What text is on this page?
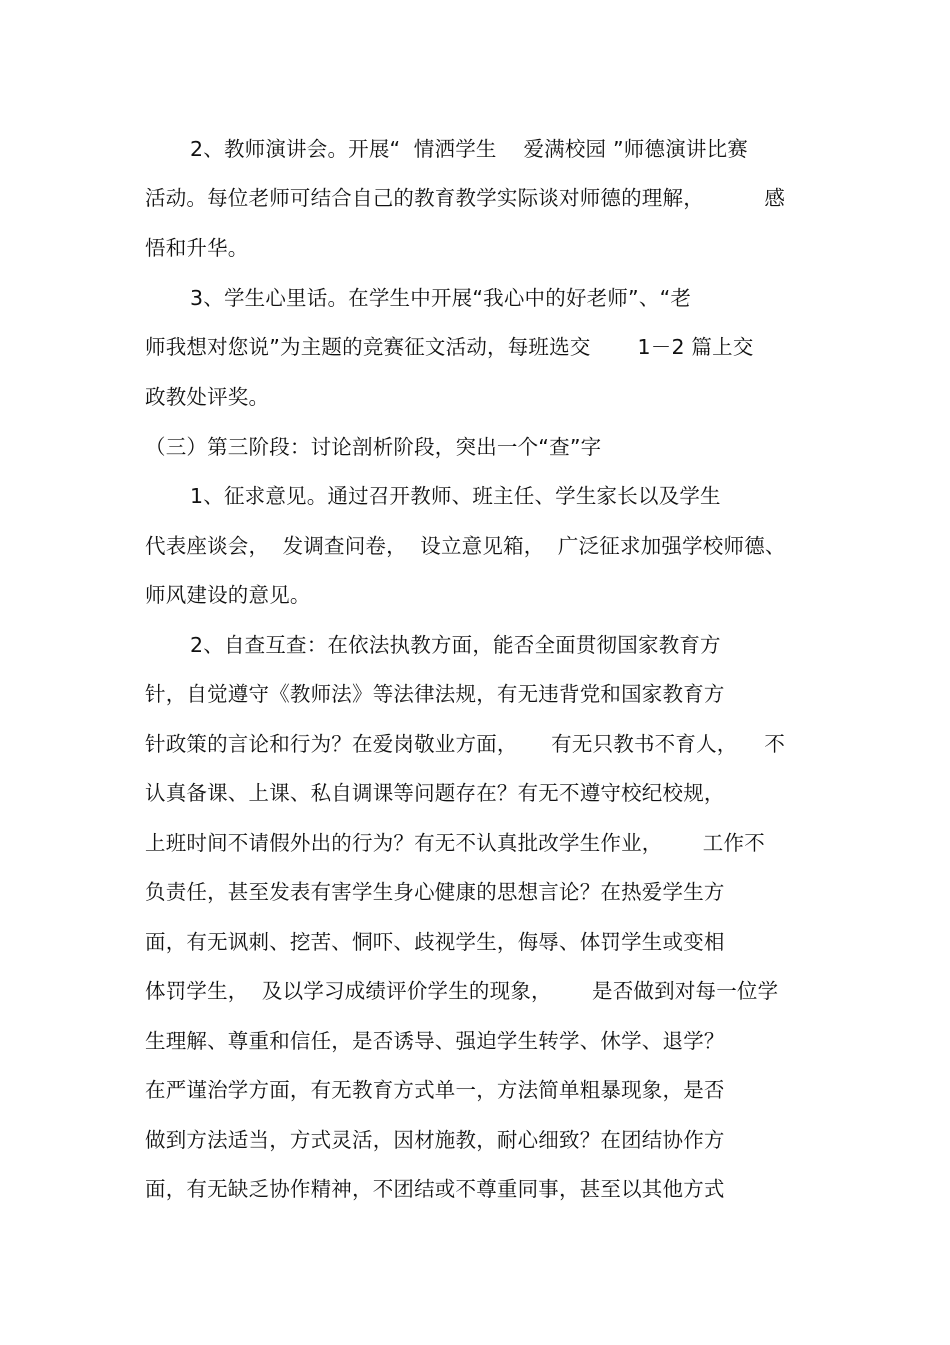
2、教师演讲会。开展“  情洒学生    爱满校园 ”师德演讲比赛
活动。每位老师可结合自己的教育教学实际谈对师德的理解，         感
悟和升华。
3、学生心里话。在学生中开展“我心中的好老师”、“老
师我想对您说”为主题的竞赛征文活动，每班选交       1－2 篇上交
政教处评奖。
（三）第三阶段：讨论剖析阶段，突出一个“查”字
1、征求意见。通过召开教师、班主任、学生家长以及学生
代表座谈会，  发调查问卷，  设立意见箱，  广泛征求加强学校师德、
师风建设的意见。
2、自查互查：在依法执教方面，能否全面贯彻国家教育方
针，自觉遵守《教师法》等法律法规，有无违背党和国家教育方
针政策的言论和行为？在爱岗敬业方面，     有无只教书不育人，    不
认真备课、上课、私自调课等问题存在？有无不遵守校纪校规，
上班时间不请假外出的行为？有无不认真批改学生作业，      工作不
负责任，甚至发表有害学生身心健康的思想言论？在热爱学生方
面，有无讽刺、挖苦、恫吓、歧视学生，侮辱、体罚学生或变相
体罚学生，  及以学习成绩评价学生的现象，      是否做到对每一位学
生理解、尊重和信任，是否诱导、强迫学生转学、休学、退学？
在严谨治学方面，有无教育方式单一，方法简单粗暴现象，是否
做到方法适当，方式灵活，因材施教，耐心细致？在团结协作方
面，有无缺乏协作精神，不团结或不尊重同事，甚至以其他方式
